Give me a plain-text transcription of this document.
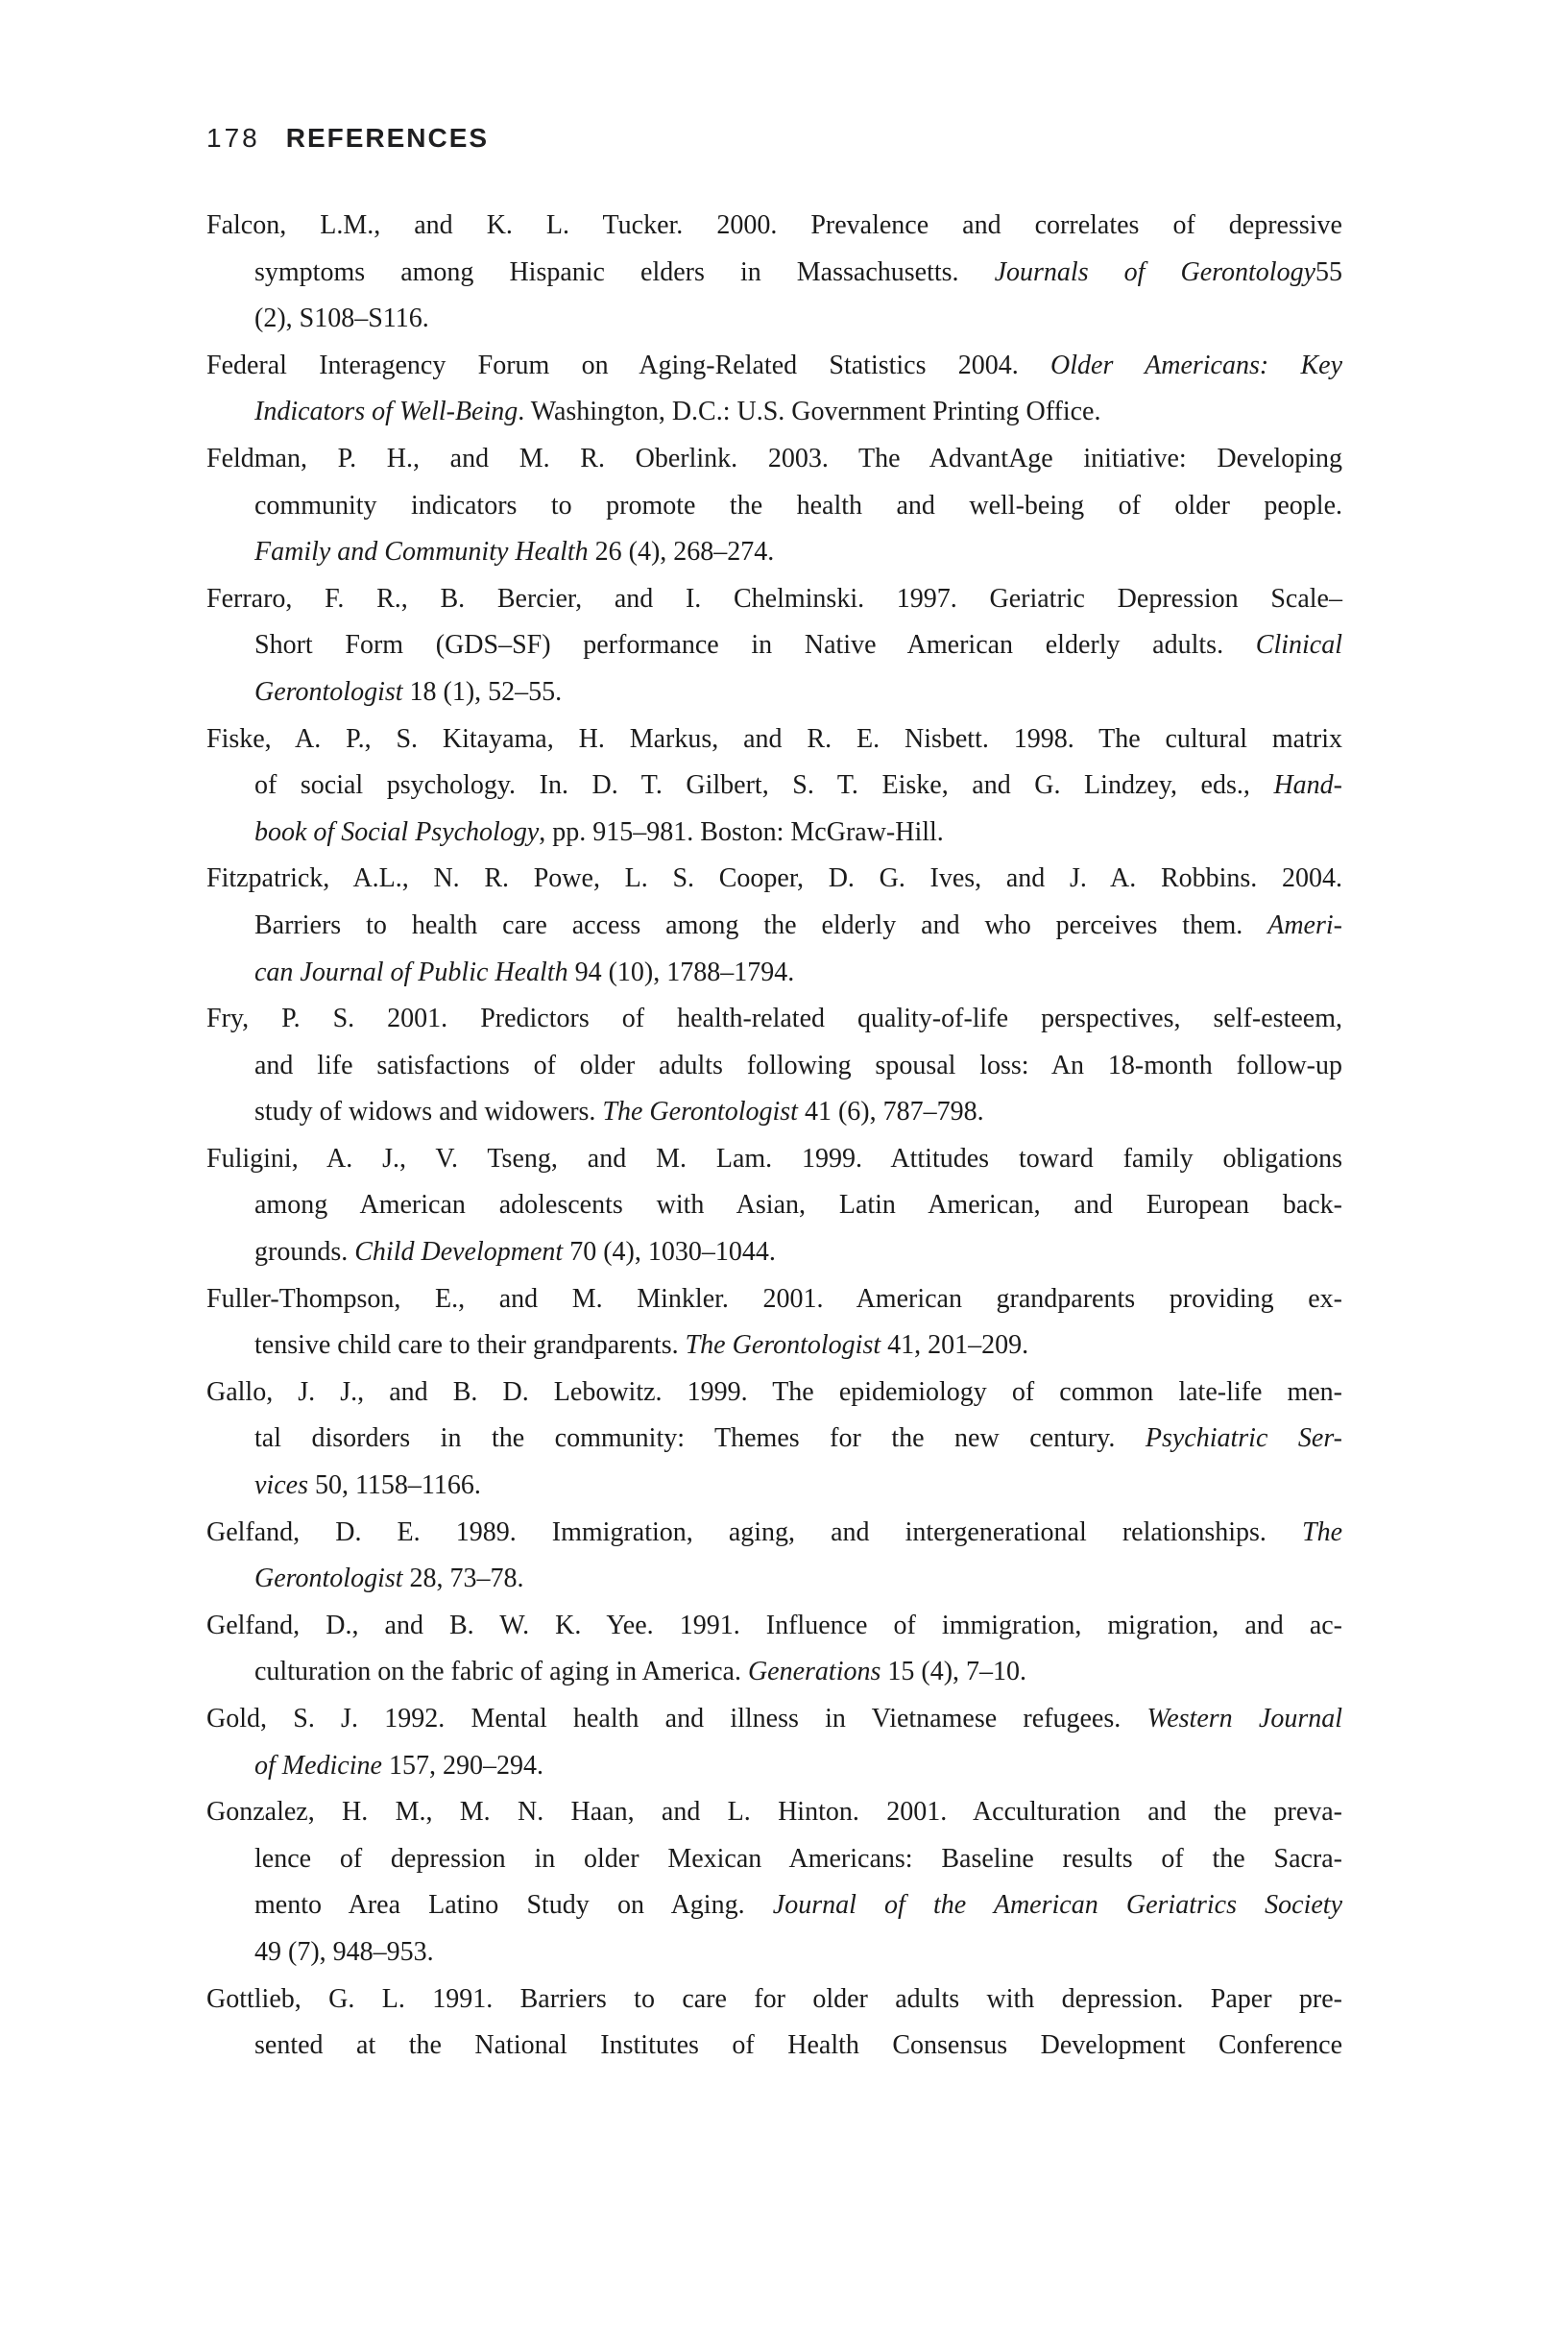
178 REFERENCES
Falcon, L.M., and K. L. Tucker. 2000. Prevalence and correlates of depressive
symptoms among Hispanic elders in Massachusetts. Journals of Gerontology55
(2), S108–S116.
Federal Interagency Forum on Aging-Related Statistics 2004. Older Americans: Key
Indicators of Well-Being. Washington, D.C.: U.S. Government Printing Office.
Feldman, P. H., and M. R. Oberlink. 2003. The AdvantAge initiative: Developing
community indicators to promote the health and well-being of older people.
Family and Community Health 26 (4), 268–274.
Ferraro, F. R., B. Bercier, and I. Chelminski. 1997. Geriatric Depression Scale–
Short Form (GDS–SF) performance in Native American elderly adults. Clinical
Gerontologist 18 (1), 52–55.
Fiske, A. P., S. Kitayama, H. Markus, and R. E. Nisbett. 1998. The cultural matrix
of social psychology. In. D. T. Gilbert, S. T. Eiske, and G. Lindzey, eds., Hand-
book of Social Psychology, pp. 915–981. Boston: McGraw-Hill.
Fitzpatrick, A.L., N. R. Powe, L. S. Cooper, D. G. Ives, and J. A. Robbins. 2004.
Barriers to health care access among the elderly and who perceives them. Ameri-
can Journal of Public Health 94 (10), 1788–1794.
Fry, P. S. 2001. Predictors of health-related quality-of-life perspectives, self-esteem,
and life satisfactions of older adults following spousal loss: An 18-month follow-up
study of widows and widowers. The Gerontologist 41 (6), 787–798.
Fuligini, A. J., V. Tseng, and M. Lam. 1999. Attitudes toward family obligations
among American adolescents with Asian, Latin American, and European back-
grounds. Child Development 70 (4), 1030–1044.
Fuller-Thompson, E., and M. Minkler. 2001. American grandparents providing ex-
tensive child care to their grandparents. The Gerontologist 41, 201–209.
Gallo, J. J., and B. D. Lebowitz. 1999. The epidemiology of common late-life men-
tal disorders in the community: Themes for the new century. Psychiatric Ser-
vices 50, 1158–1166.
Gelfand, D. E. 1989. Immigration, aging, and intergenerational relationships. The
Gerontologist 28, 73–78.
Gelfand, D., and B. W. K. Yee. 1991. Influence of immigration, migration, and ac-
culturation on the fabric of aging in America. Generations 15 (4), 7–10.
Gold, S. J. 1992. Mental health and illness in Vietnamese refugees. Western Journal
of Medicine 157, 290–294.
Gonzalez, H. M., M. N. Haan, and L. Hinton. 2001. Acculturation and the preva-
lence of depression in older Mexican Americans: Baseline results of the Sacra-
mento Area Latino Study on Aging. Journal of the American Geriatrics Society
49 (7), 948–953.
Gottlieb, G. L. 1991. Barriers to care for older adults with depression. Paper pre-
sented at the National Institutes of Health Consensus Development Conference
